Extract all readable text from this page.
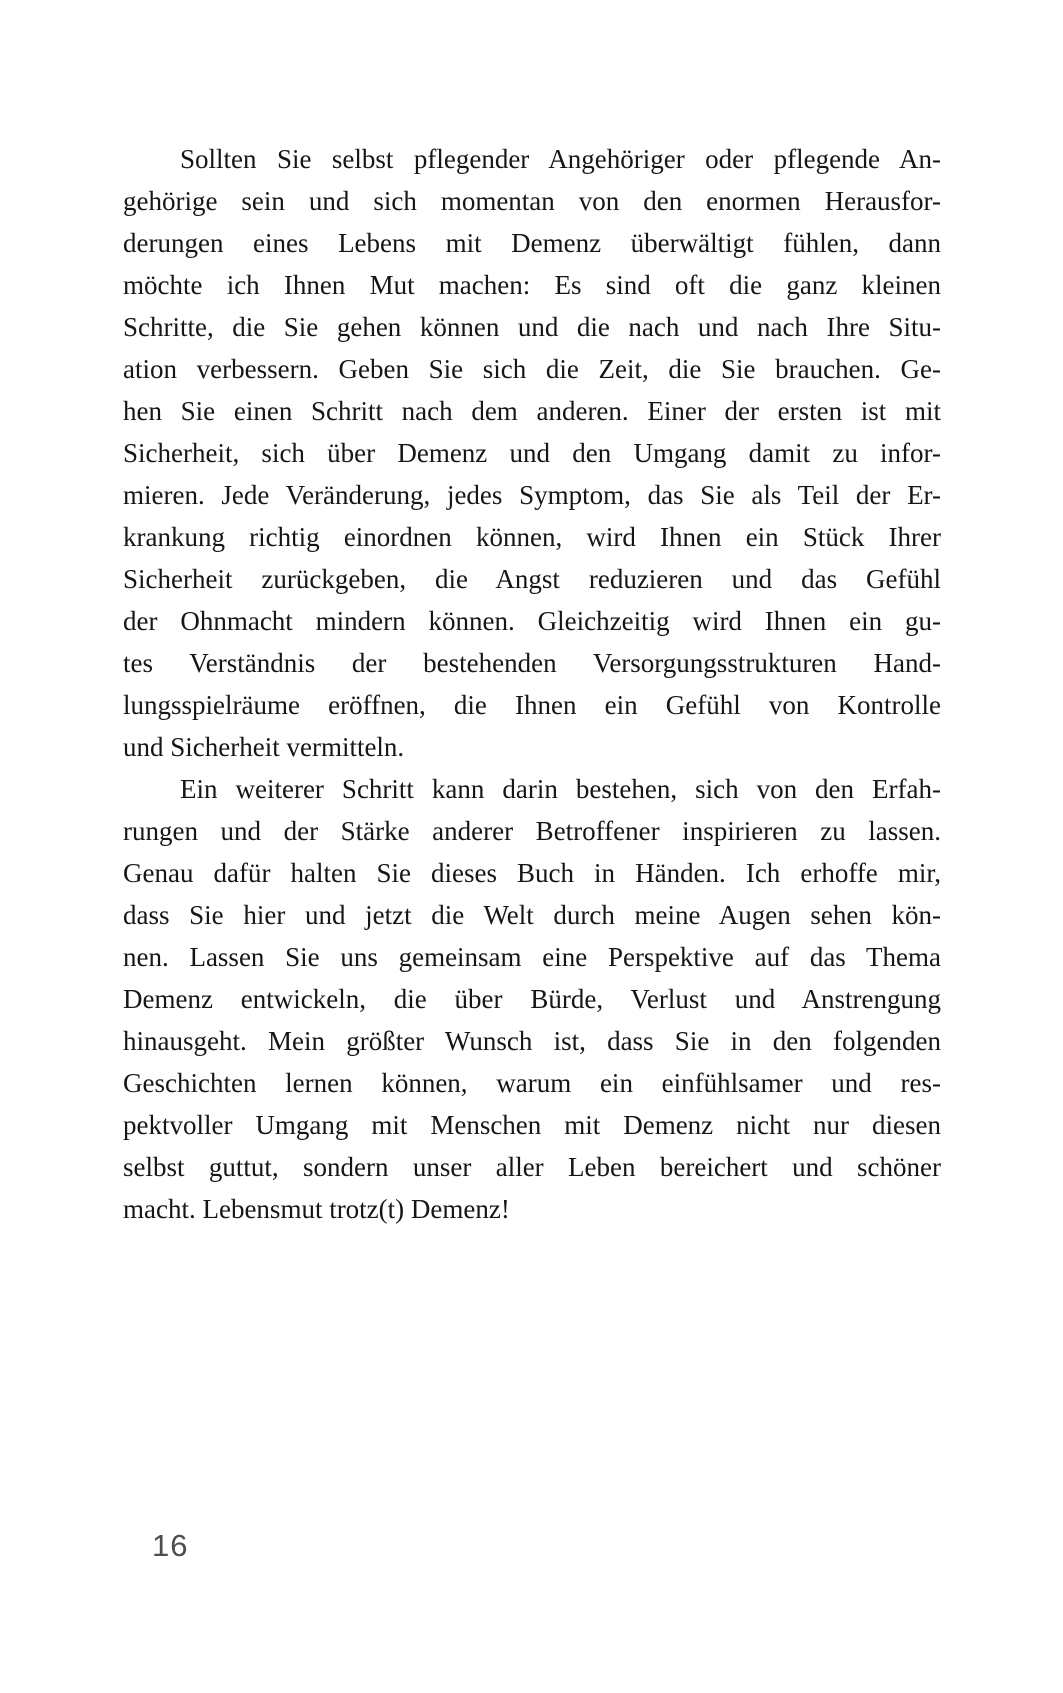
Sollten Sie selbst pflegender Angehöriger oder pflegende An-
gehörige sein und sich momentan von den enormen Herausfor-
derungen eines Lebens mit Demenz überwältigt fühlen, dann
möchte ich Ihnen Mut machen: Es sind oft die ganz kleinen
Schritte, die Sie gehen können und die nach und nach Ihre Situ-
ation verbessern. Geben Sie sich die Zeit, die Sie brauchen. Ge-
hen Sie einen Schritt nach dem anderen. Einer der ersten ist mit
Sicherheit, sich über Demenz und den Umgang damit zu infor-
mieren. Jede Veränderung, jedes Symptom, das Sie als Teil der Er-
krankung richtig einordnen können, wird Ihnen ein Stück Ihrer
Sicherheit zurückgeben, die Angst reduzieren und das Gefühl
der Ohnmacht mindern können. Gleichzeitig wird Ihnen ein gu-
tes Verständnis der bestehenden Versorgungsstrukturen Hand-
lungsspielräume eröffnen, die Ihnen ein Gefühl von Kontrolle
und Sicherheit vermitteln.

Ein weiterer Schritt kann darin bestehen, sich von den Erfah-
rungen und der Stärke anderer Betroffener inspirieren zu lassen.
Genau dafür halten Sie dieses Buch in Händen. Ich erhoffe mir,
dass Sie hier und jetzt die Welt durch meine Augen sehen kön-
nen. Lassen Sie uns gemeinsam eine Perspektive auf das Thema
Demenz entwickeln, die über Bürde, Verlust und Anstrengung
hinausgeht. Mein größter Wunsch ist, dass Sie in den folgenden
Geschichten lernen können, warum ein einfühlsamer und res-
pektvoller Umgang mit Menschen mit Demenz nicht nur diesen
selbst guttut, sondern unser aller Leben bereichert und schöner
macht. Lebensmut trotz(t) Demenz!

16
